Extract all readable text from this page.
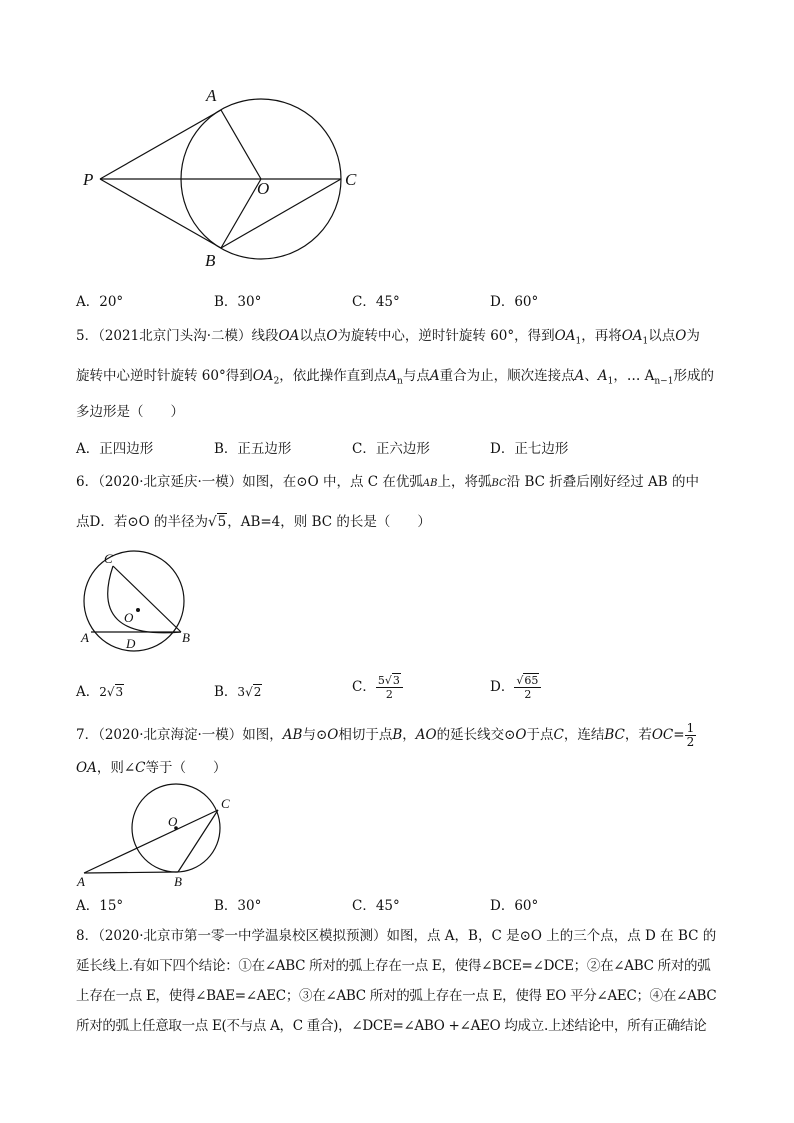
A
P	O	C
B
A．20°	B．30°	C．45°	D．60°
5．（2021北京门头沟·二模）线段OA以点O为旋转中心，逆时针旋转 60°，得到$OA_1$，再将$OA_1$以点O为
旋转中心逆时针旋转 60°得到$OA_2$，依此操作直到点$A_n$与点A重合为止，顺次连接点A、$A_1$，… $A_{n-1}$形成的
多边形是（　　）
A．正四边形	B．正五边形	C．正六边形	D．正七边形
6．（2020·北京延庆·一模）如图，在⊙O 中，点 C 在优弧AB上，将弧BC沿 BC 折叠后刚好经过 AB 的中
点D．若⊙O 的半径为√5，AB=4，则 BC 的长是（　　）
C
O
A	D	B
A．2√3	B．3√2	C． $\frac{5√3}{2}$	D． $\frac{√65}{2}$
7．（2020·北京海淀·一模）如图，AB与⊙O相切于点B，AO的延长线交⊙O于点C，连结BC，若$OC= \frac{1}{2}$
OA，则∠C等于（　　）
O
C
A	B
A．15°	B．30°	C．45°	D．60°
8．（2020·北京市第一零一中学温泉校区模拟预测）如图，点 A，B，C 是⊙O 上的三个点，点 D 在 BC 的
延长线上.有如下四个结论：①在∠ABC 所对的弧上存在一点 E，使得∠BCE=∠DCE；②在∠ABC 所对的弧
上存在一点 E，使得∠BAE=∠AEC；③在∠ABC 所对的弧上存在一点 E，使得 EO 平分∠AEC；④在∠ABC
所对的弧上任意取一点 E(不与点 A，C 重合)，∠DCE=∠ABO +∠AEO 均成立.上述结论中，所有正确结论
